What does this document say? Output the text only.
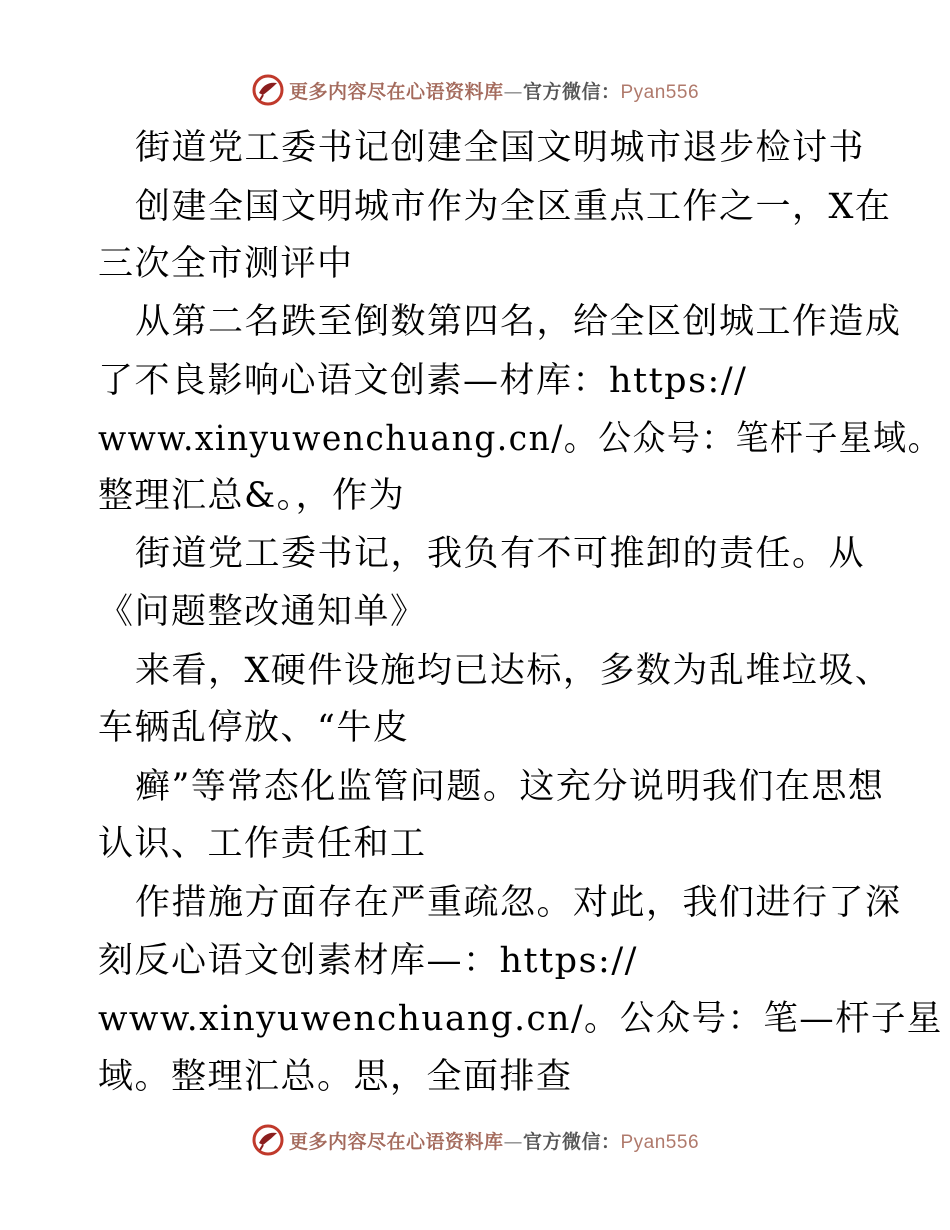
更多内容尽在心语资料库—官方微信：Pyan556
街道党工委书记创建全国文明城市退步检讨书
创建全国文明城市作为全区重点工作之一，X在
三次全市测评中
从第二名跌至倒数第四名，给全区创城工作造成
了不良影响心语文创素—材库：https://
www.xinyuwenchuang.cn/。公众号：笔杆子星域。
整理汇总&。，作为
街道党工委书记，我负有不可推卸的责任。从
《问题整改通知单》
来看，X硬件设施均已达标，多数为乱堆垃圾、
车辆乱停放、“牛皮
癣”等常态化监管问题。这充分说明我们在思想
认识、工作责任和工
作措施方面存在严重疏忽。对此，我们进行了深
刻反心语文创素材库—：https://
www.xinyuwenchuang.cn/。公众号：笔—杆子星
域。整理汇总。思，全面排查
更多内容尽在心语资料库—官方微信：Pyan556
